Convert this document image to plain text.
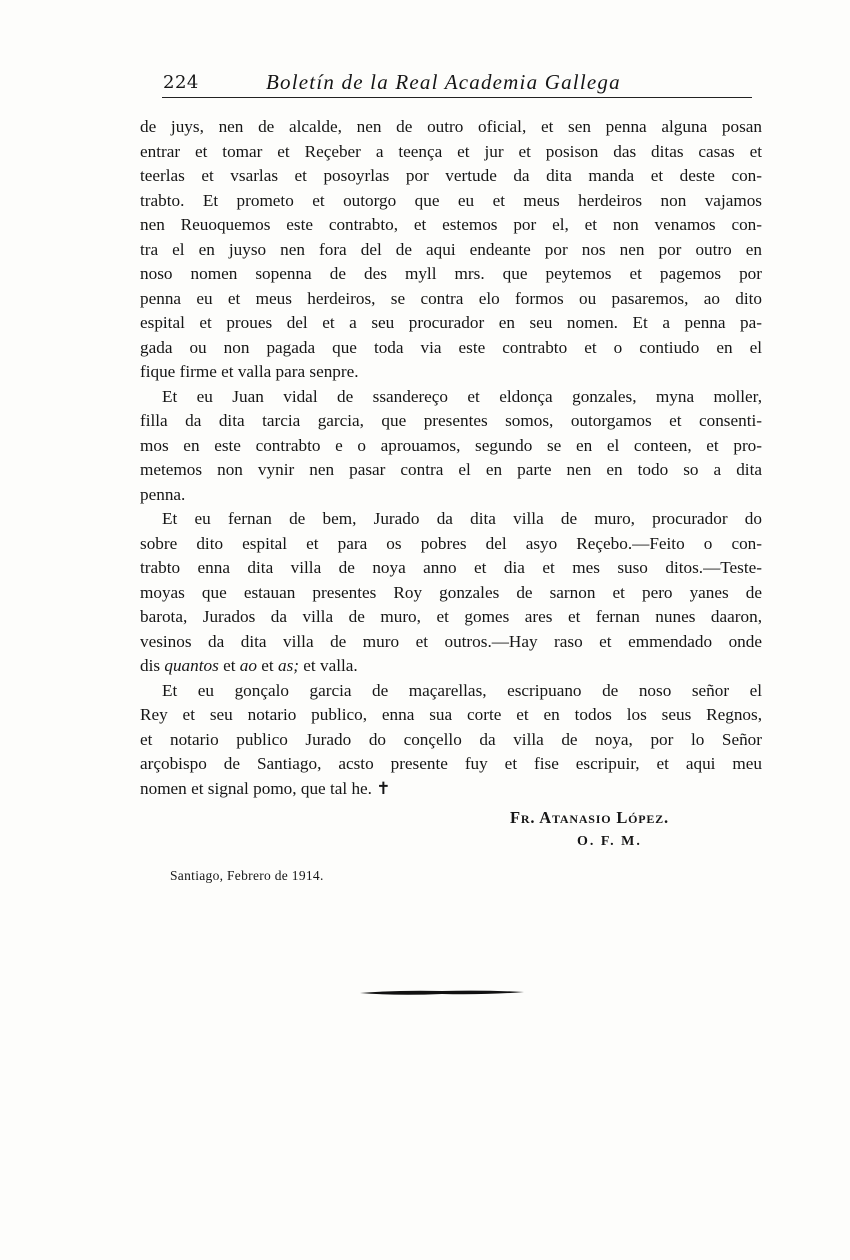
224	Boletín de la Real Academia Gallega
de juys, nen de alcalde, nen de outro oficial, et sen penna alguna posan
entrar et tomar et Reçeber a teença et jur et posison das ditas casas et
teerlas et vsarlas et posoyrlas por vertude da dita manda et deste con-
trabto. Et prometo et outorgo que eu et meus herdeiros non vajamos
nen Reuoquemos este contrabto, et estemos por el, et non venamos con-
tra el en juyso nen fora del de aqui endeante por nos nen por outro en
noso nomen sopenna de des myll mrs. que peytemos et pagemos por
penna eu et meus herdeiros, se contra elo formos ou pasaremos, ao dito
espital et proues del et a seu procurador en seu nomen. Et a penna pa-
gada ou non pagada que toda via este contrabto et o contiudo en el
fique firme et valla para senpre.
Et eu Juan vidal de ssandereço et eldonça gonzales, myna moller,
filla da dita tarcia garcia, que presentes somos, outorgamos et consenti-
mos en este contrabto e o aprouamos, segundo se en el conteen, et pro-
metemos non vynir nen pasar contra el en parte nen en todo so a dita
penna.
Et eu fernan de bem, Jurado da dita villa de muro, procurador do
sobre dito espital et para os pobres del asyo Reçebo.—Feito o con-
trabto enna dita villa de noya anno et dia et mes suso ditos.—Teste-
moyas que estauan presentes Roy gonzales de sarnon et pero yanes de
barota, Jurados da villa de muro, et gomes ares et fernan nunes daaron,
vesinos da dita villa de muro et outros.—Hay raso et emmendado onde
dis quantos et ao et as; et valla.
Et eu gonçalo garcia de maçarellas, escripuano de noso señor el
Rey et seu notario publico, enna sua corte et en todos los seus Regnos,
et notario publico Jurado do conçello da villa de noya, por lo Señor
arçobispo de Santiago, acsto presente fuy et fise escripuir, et aqui meu
nomen et signal pomo, que tal he. ✝
Fr. Atanasio López.
O. F. M.
Santiago, Febrero de 1914.
